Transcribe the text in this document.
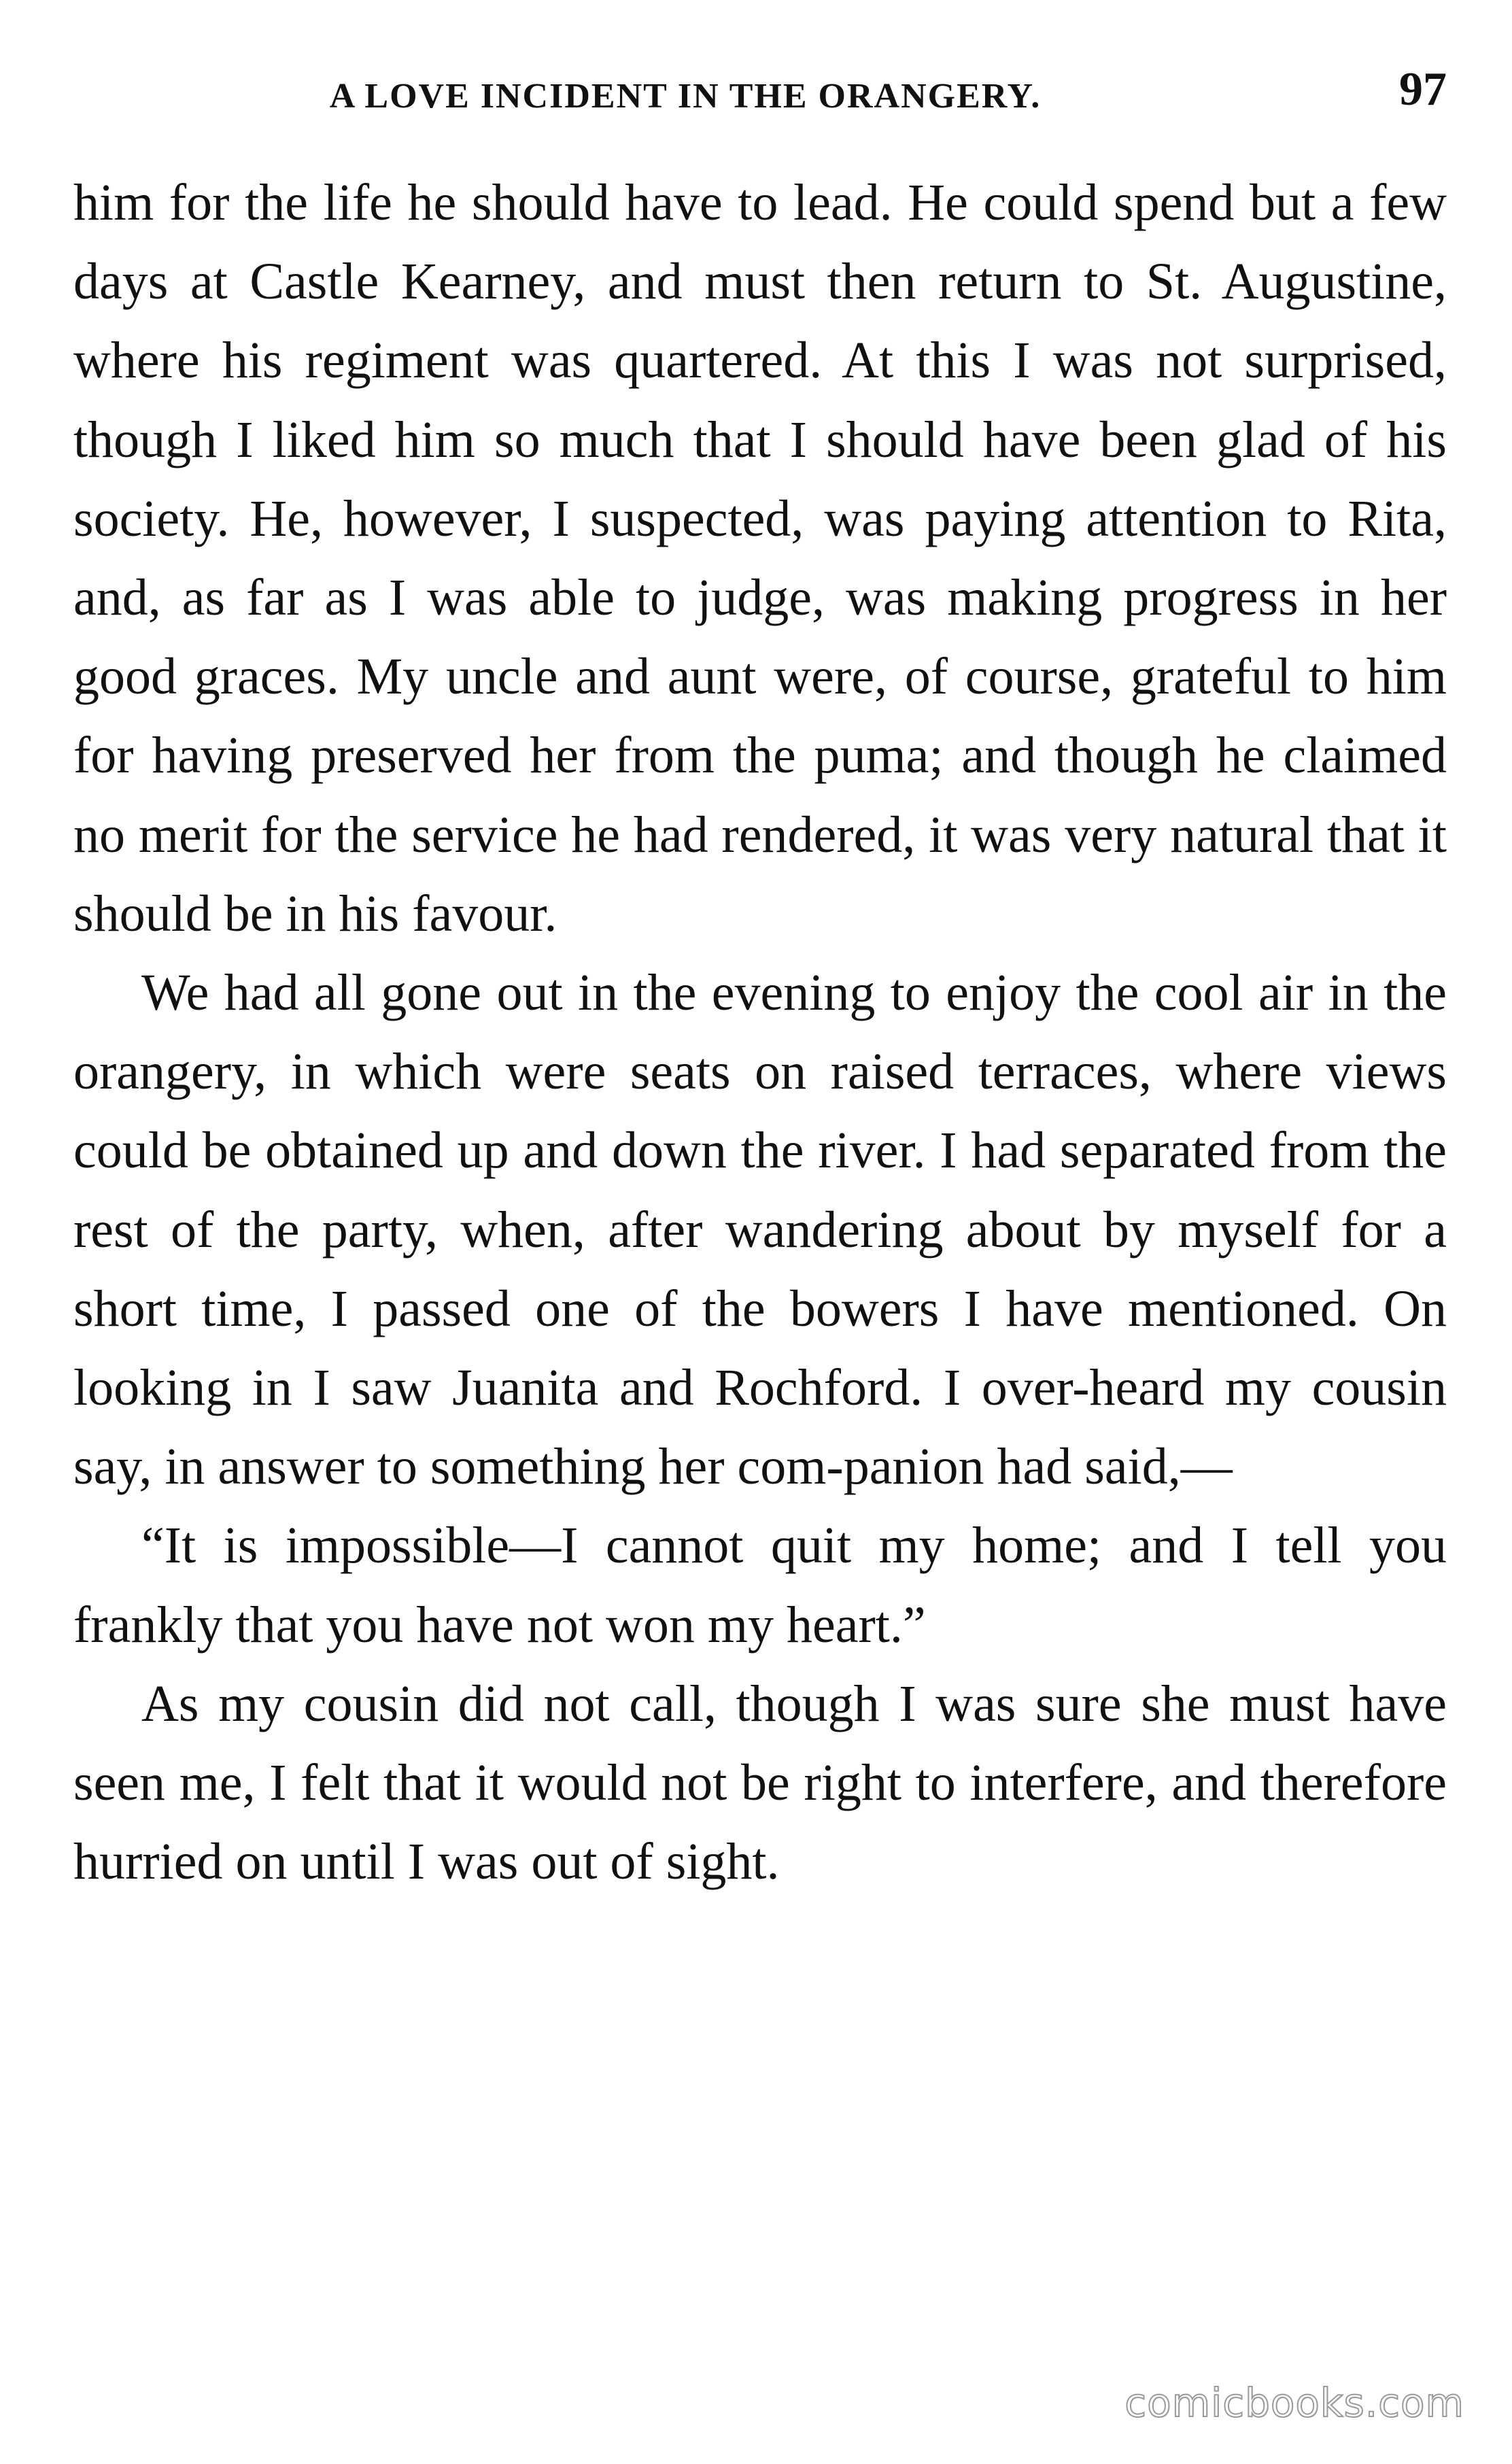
A LOVE INCIDENT IN THE ORANGERY.	97

him for the life he should have to lead. He could spend but a few days at Castle Kearney, and must then return to St. Augustine, where his regiment was quartered. At this I was not surprised, though I liked him so much that I should have been glad of his society. He, however, I suspected, was paying attention to Rita, and, as far as I was able to judge, was making progress in her good graces. My uncle and aunt were, of course, grateful to him for having preserved her from the puma; and though he claimed no merit for the service he had rendered, it was very natural that it should be in his favour.

We had all gone out in the evening to enjoy the cool air in the orangery, in which were seats on raised terraces, where views could be obtained up and down the river. I had separated from the rest of the party, when, after wandering about by myself for a short time, I passed one of the bowers I have mentioned. On looking in I saw Juanita and Rochford. I over-heard my cousin say, in answer to something her com-panion had said,—

“It is impossible—I cannot quit my home; and I tell you frankly that you have not won my heart.”

As my cousin did not call, though I was sure she must have seen me, I felt that it would not be right to interfere, and therefore hurried on until I was out of sight.

comicbooks.com
